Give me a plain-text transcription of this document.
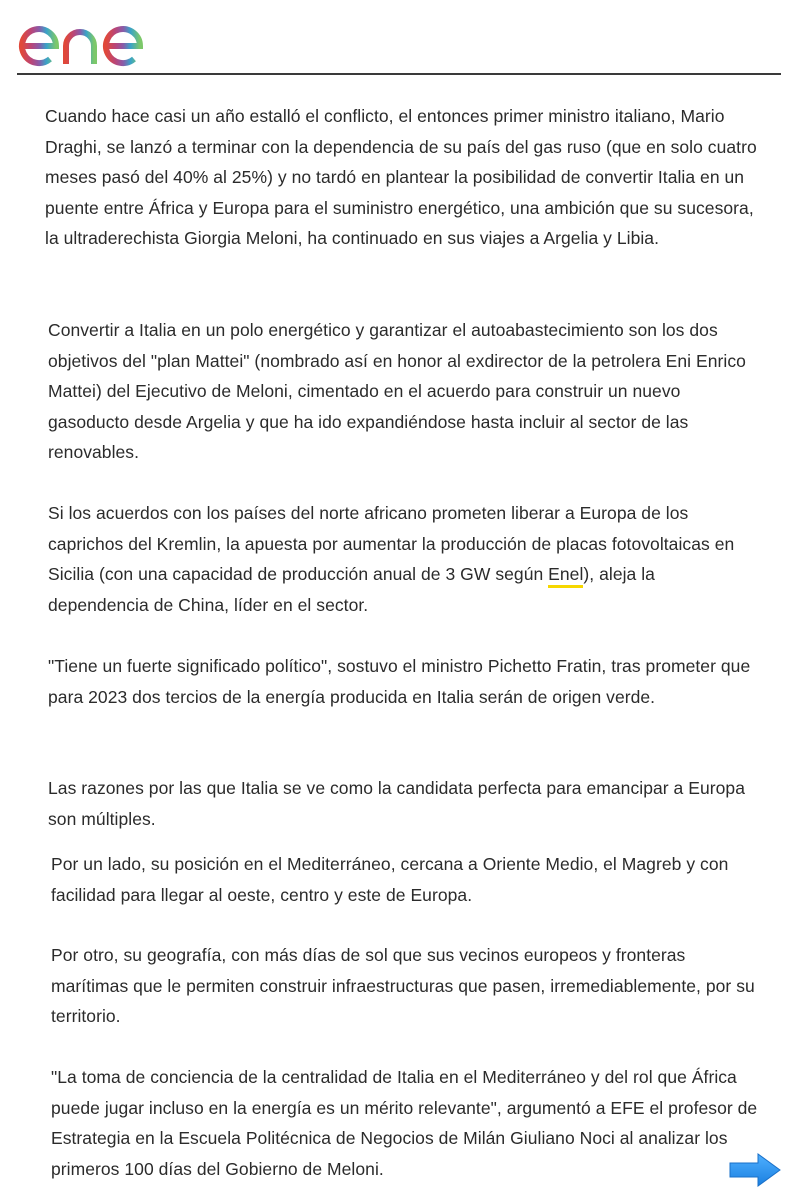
Cuando hace casi un año estalló el conflicto, el entonces primer ministro italiano, Mario Draghi, se lanzó a terminar con la dependencia de su país del gas ruso (que en solo cuatro meses pasó del 40% al 25%) y no tardó en plantear la posibilidad de convertir Italia en un puente entre África y Europa para el suministro energético, una ambición que su sucesora, la ultraderechista Giorgia Meloni, ha continuado en sus viajes a Argelia y Libia.

Convertir a Italia en un polo energético y garantizar el autoabastecimiento son los dos objetivos del "plan Mattei" (nombrado así en honor al exdirector de la petrolera Eni Enrico Mattei) del Ejecutivo de Meloni, cimentado en el acuerdo para construir un nuevo gasoducto desde Argelia y que ha ido expandiéndose hasta incluir al sector de las renovables.

Si los acuerdos con los países del norte africano prometen liberar a Europa de los caprichos del Kremlin, la apuesta por aumentar la producción de placas fotovoltaicas en Sicilia (con una capacidad de producción anual de 3 GW según Enel), aleja la dependencia de China, líder en el sector.

"Tiene un fuerte significado político", sostuvo el ministro Pichetto Fratin, tras prometer que para 2023 dos tercios de la energía producida en Italia serán de origen verde.

Las razones por las que Italia se ve como la candidata perfecta para emancipar a Europa son múltiples.

Por un lado, su posición en el Mediterráneo, cercana a Oriente Medio, el Magreb y con facilidad para llegar al oeste, centro y este de Europa.

Por otro, su geografía, con más días de sol que sus vecinos europeos y fronteras marítimas que le permiten construir infraestructuras que pasen, irremediablemente, por su territorio.

"La toma de conciencia de la centralidad de Italia en el Mediterráneo y del rol que África puede jugar incluso en la energía es un mérito relevante", argumentó a EFE el profesor de Estrategia en la Escuela Politécnica de Negocios de Milán Giuliano Noci al analizar los primeros 100 días del Gobierno de Meloni.
